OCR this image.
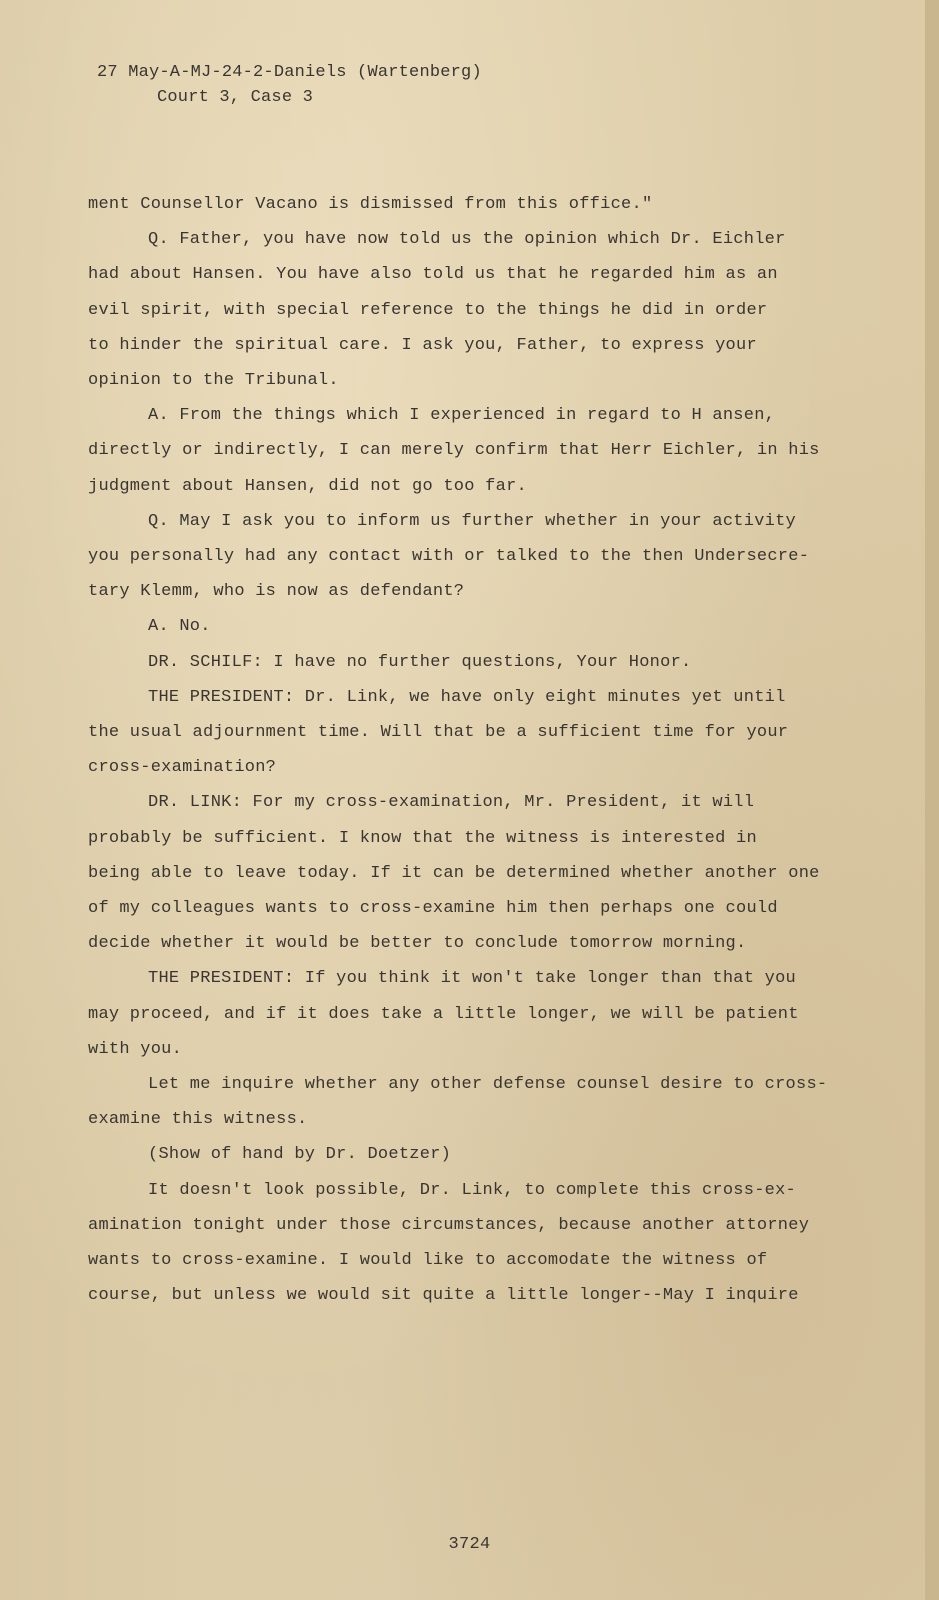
27 May-A-MJ-24-2-Daniels (Wartenberg)
Court 3, Case 3

ment Counsellor Vacano is dismissed from this office."

Q. Father, you have now told us the opinion which Dr. Eichler

had about Hansen. You have also told us that he regarded him as an

evil spirit, with special reference to the things he did in order

to hinder the spiritual care. I ask you, Father, to express your

opinion to the Tribunal.

A. From the things which I experienced in regard to H ansen,

directly or indirectly, I can merely confirm that Herr Eichler, in his

judgment about Hansen, did not go too far.

Q. May I ask you to inform us further whether in your activity

you personally had any contact with or talked to the then Undersecre-

tary Klemm, who is now as defendant?

A. No.

DR. SCHILF: I have no further questions, Your Honor.

THE PRESIDENT: Dr. Link, we have only eight minutes yet until

the usual adjournment time. Will that be a sufficient time for your

cross-examination?

DR. LINK: For my cross-examination, Mr. President, it will

probably be sufficient. I know that the witness is interested in

being able to leave today. If it can be determined whether another one

of my colleagues wants to cross-examine him then perhaps one could

decide whether it would be better to conclude tomorrow morning.

THE PRESIDENT: If you think it won't take longer than that you

may proceed, and if it does take a little longer, we will be patient

with you.

Let me inquire whether any other defense counsel desire to cross-

examine this witness.

(Show of hand by Dr. Doetzer)

It doesn't look possible, Dr. Link, to complete this cross-ex-

amination tonight under those circumstances, because another attorney

wants to cross-examine. I would like to accomodate the witness of

course, but unless we would sit quite a little longer--May I inquire

3724
